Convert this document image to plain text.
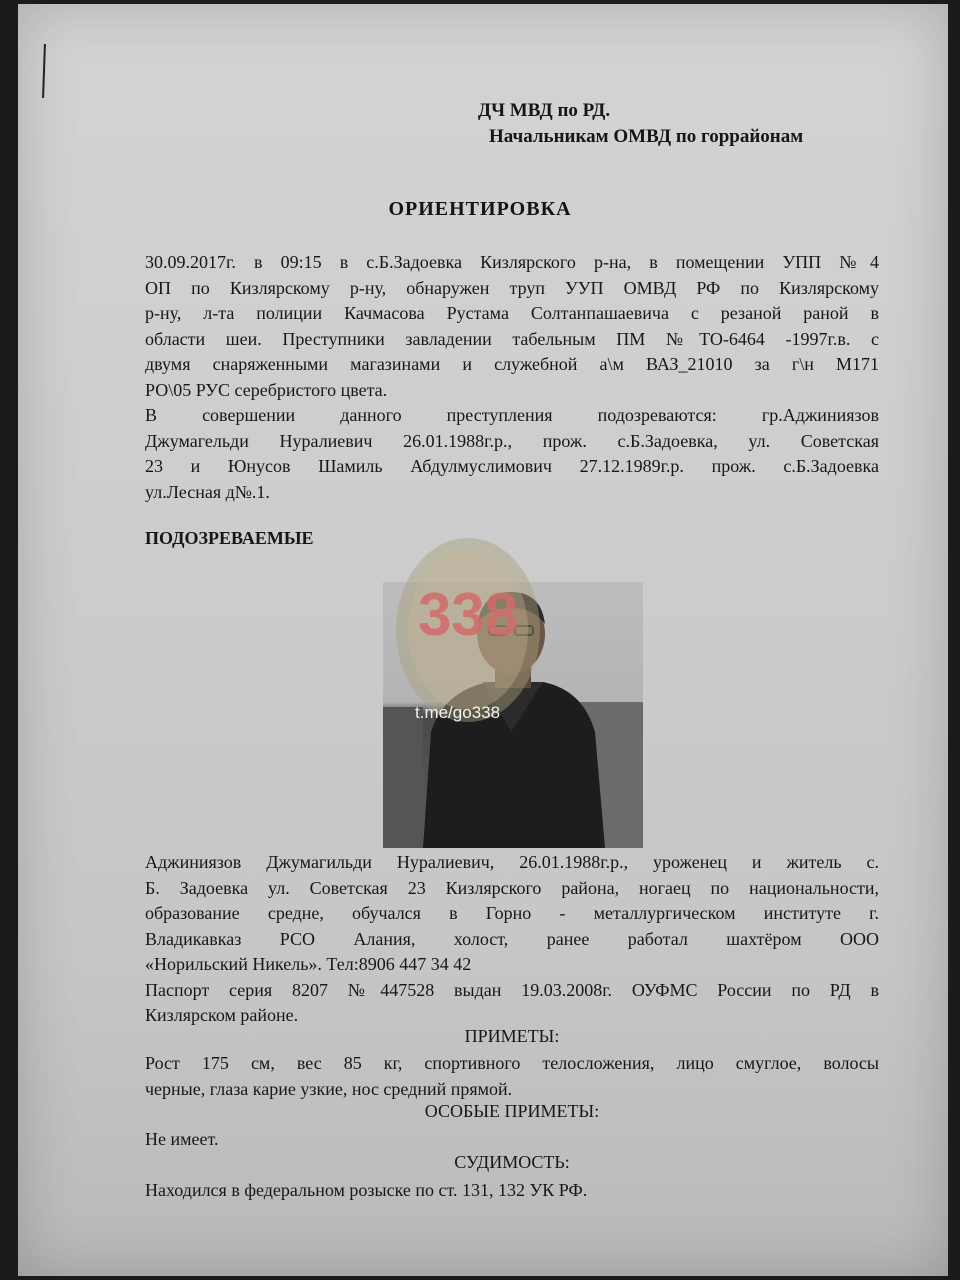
ДЧ МВД по РД.
Начальникам ОМВД по горрайонам
ОРИЕНТИРОВКА
30.09.2017г. в 09:15 в с.Б.Задоевка Кизлярского р-на, в помещении УПП №4
ОП по Кизлярскому р-ну, обнаружен труп УУП ОМВД РФ по Кизлярскому
р-ну, л-та полиции Качмасова Рустама Солтанпашаевича с резаной раной в
области шеи. Преступники завладении табельным ПМ №ТО-6464 -1997г.в. с
двумя снаряженными магазинами и служебной а\м ВАЗ_21010 за г\н М171
РО\05 РУС серебристого цвета.
В совершении данного преступления подозреваются: гр.Аджиниязов
Джумагельди Нуралиевич 26.01.1988г.р., прож. с.Б.Задоевка, ул. Советская
23 и Юнусов Шамиль Абдулмуслимович 27.12.1989г.р. прож. с.Б.Задоевка
ул.Лесная д№.1.
ПОДОЗРЕВАЕМЫЕ
338
t.me/go338
Аджиниязов Джумагильди Нуралиевич, 26.01.1988г.р., уроженец и житель с.
Б. Задоевка ул. Советская 23 Кизлярского района, ногаец по национальности,
образование средне, обучался в Горно - металлургическом институте г.
Владикавказ РСО Алания, холост, ранее работал шахтёром ООО
«Норильский Никель». Тел:8906 447 34 42
Паспорт серия 8207 №447528 выдан 19.03.2008г. ОУФМС России по РД в
Кизлярском районе.
ПРИМЕТЫ:
Рост 175 см, вес 85 кг, спортивного телосложения, лицо смуглое, волосы
черные, глаза карие узкие, нос средний прямой.
ОСОБЫЕ ПРИМЕТЫ:
Не имеет.
СУДИМОСТЬ:
Находился в федеральном розыске по ст. 131, 132 УК РФ.
